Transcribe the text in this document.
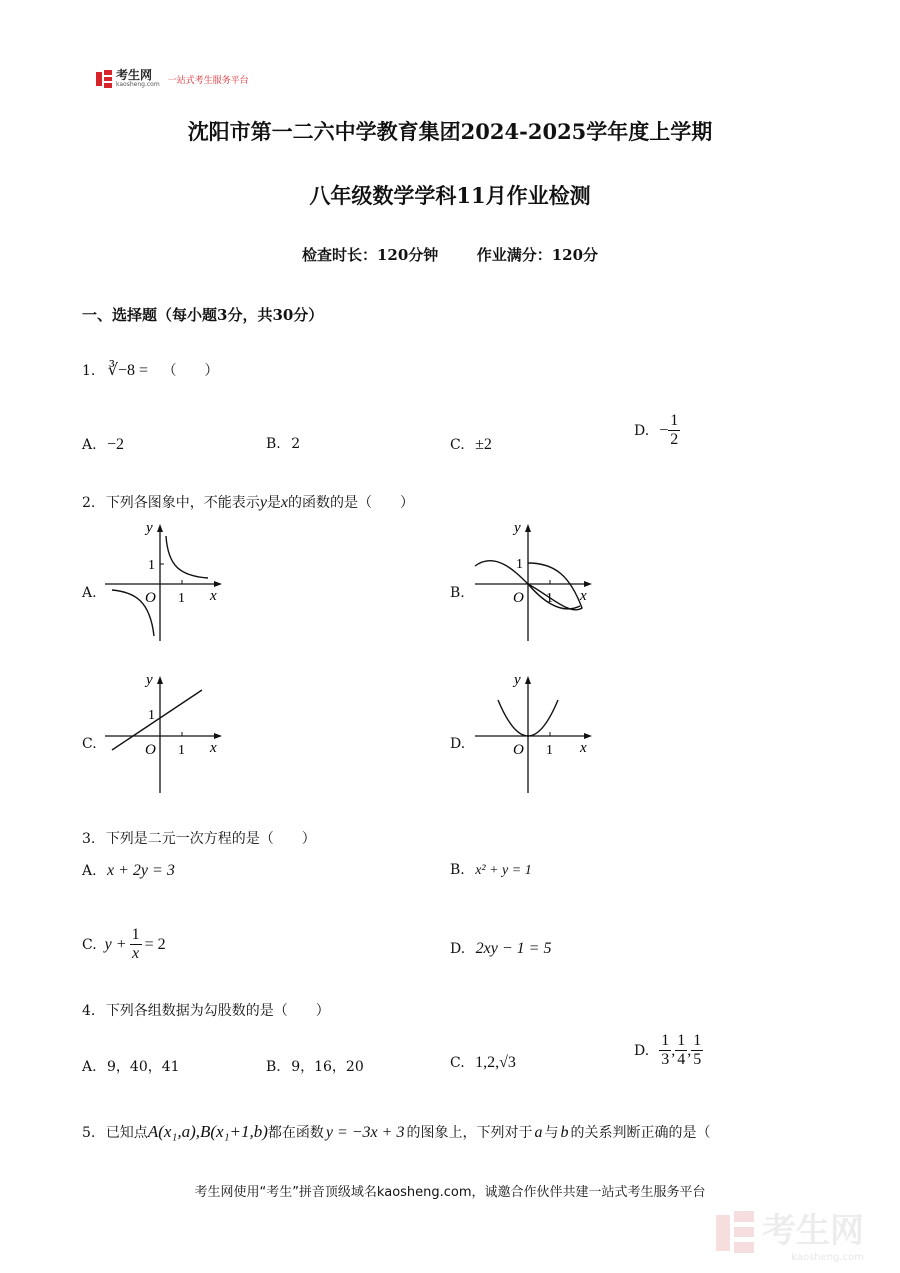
考生网
kaosheng.com 一站式考生服务平台
沈阳市第一二六中学教育集团2024-2025学年度上学期
八年级数学学科11月作业检测
检查时长：120分钟	作业满分：120分
一、选择题（每小题3分，共30分）
1. ∛−8 = （　　）
A. −2	B. 2	C. ±2
D. − $\frac{1}{2}$
2. 下列各图象中，不能表示y是x的函数的是（　　）
A.	B.
C.	D.
y
x
O
1
1
y
x
O
1
1
y
x
O
1
1
y
x
O 1
3. 下列是二元一次方程的是（　　）
A. x + 2y = 3	B. x² + y = 1
C. $y + \frac{1}{x} = 2$	D. 2xy − 1 = 5
4. 下列各组数据为勾股数的是（　　）
A. 9，40，41	B. 9，16，20	C. 1,2,√3
D. $\frac{1}{3}$ , $\frac{1}{4}$ , $\frac{1}{5}$
5. 已知点A(x₁,a),B(x₁+1,b)都在函数 y = −3x + 3 的图象上，下列对于 a 与 b 的关系判断正确的是（
考生网使用“考生”拼音顶级域名kaosheng.com，诚邀合作伙伴共建一站式考生服务平台
考生网
kaosheng.com
